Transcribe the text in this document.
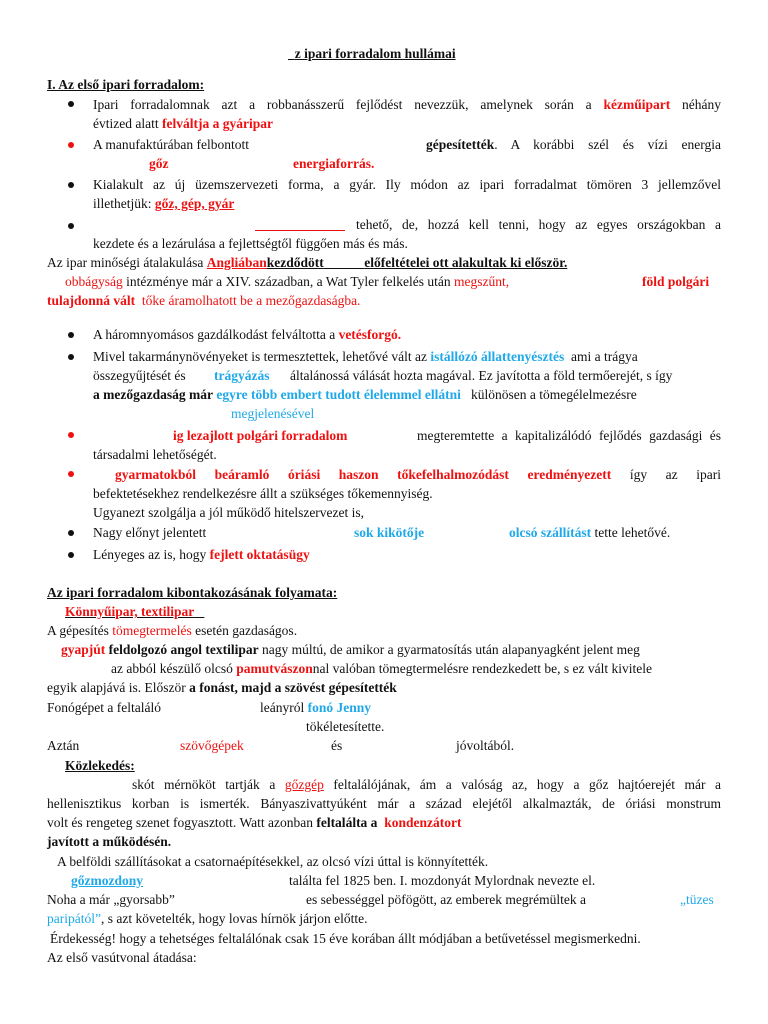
z ipari forradalom hullámai
I. Az első ipari forradalom:
Ipari forradalomnak azt a robbanásszerű fejlődést nevezzük, amelynek során a kézműipart néhány
évtized alatt felváltja a gyáripar
A manufaktúrában felbontott	gépesítették. A korábbi szél és vízi energia
gőz	energiaforrás.
Kialakult az új üzemszervezeti forma, a gyár. Ily módon az ipari forradalmat tömören 3 jellemzővel
illethetjük: gőz, gép, gyár
tehető, de, hozzá kell tenni, hogy az egyes országokban a
kezdete és a lezárulása a fejlettségtől függően más és más.
Az ipar minőségi átalakulása Angliábankezdődött	előfeltételei ott alakultak ki először.
obbágyság intézménye már a XIV. században, a Wat Tyler felkelés után megszűnt,	föld polgári
tulajdonná vált tőke áramolhatott be a mezőgazdaságba.
A háromnyomásos gazdálkodást felváltotta a vetésforgó.
Mivel takarmánynövényeket is termesztettek, lehetővé vált az istállózó állattenyésztés ami a trágya
összegyűjtését és trágyázás általánossá válását hozta magával. Ez javította a föld termőerejét, s így
a mezőgazdaság már egyre több embert tudott élelemmel ellátni különösen a tömegélelmezésre
megjelenésével
ig lezajlott polgári forradalom	megteremtette a kapitalizálódó fejlődés gazdasági és
társadalmi lehetőségét.
gyarmatokból beáramló óriási haszon tőkefelhalmozódást eredményezett így az ipari
befektetésekhez rendelkezésre állt a szükséges tőkemennyiség.
Ugyanezt szolgálja a jól működő hitelszervezet is,
Nagy előnyt jelentett	sok kikötője	olcsó szállítást tette lehetővé.
Lényeges az is, hogy fejlett oktatásügy
Az ipari forradalom kibontakozásának folyamata:
Könnyűipar, textilipar
A gépesítés tömegtermelés esetén gazdaságos.
gyapjút feldolgozó angol textilipar nagy múltú, de amikor a gyarmatosítás után alapanyagként jelent meg
az abból készülő olcsó pamutvászonnal valóban tömegtermelésre rendezkedett be, s ez vált kivitele
egyik alapjává is. Először a fonást, majd a szövést gépesítették
Fonógépet a feltaláló	leányról fonó Jenny
tökéletesítette.
Aztán	szövőgépek	és	jóvoltából.
Közlekedés:
skót mérnököt tartják a gőzgép feltalálójának, ám a valóság az, hogy a gőz hajtóerejét már a
hellenisztikus korban is ismerték. Bányaszivattyúként már a század elejétől alkalmazták, de óriási monstrum
volt és rengeteg szenet fogyasztott. Watt azonban feltalálta a kondenzátort
javított a működésén.
A belföldi szállításokat a csatornaépítésekkel, az olcsó vízi úttal is könnyítették.
gőzmozdony	találta fel 1825 ben. I. mozdonyát Mylordnak nevezte el.
Noha a már „gyorsabb”	es sebességgel pöfögött, az emberek megrémültek a	„tüzes
paripától”, s azt követelték, hogy lovas hírnök járjon előtte.
Érdekesség! hogy a tehetséges feltalálónak csak 15 éve korában állt módjában a betűvetéssel megismerkedni.
Az első vasútvonal átadása:
